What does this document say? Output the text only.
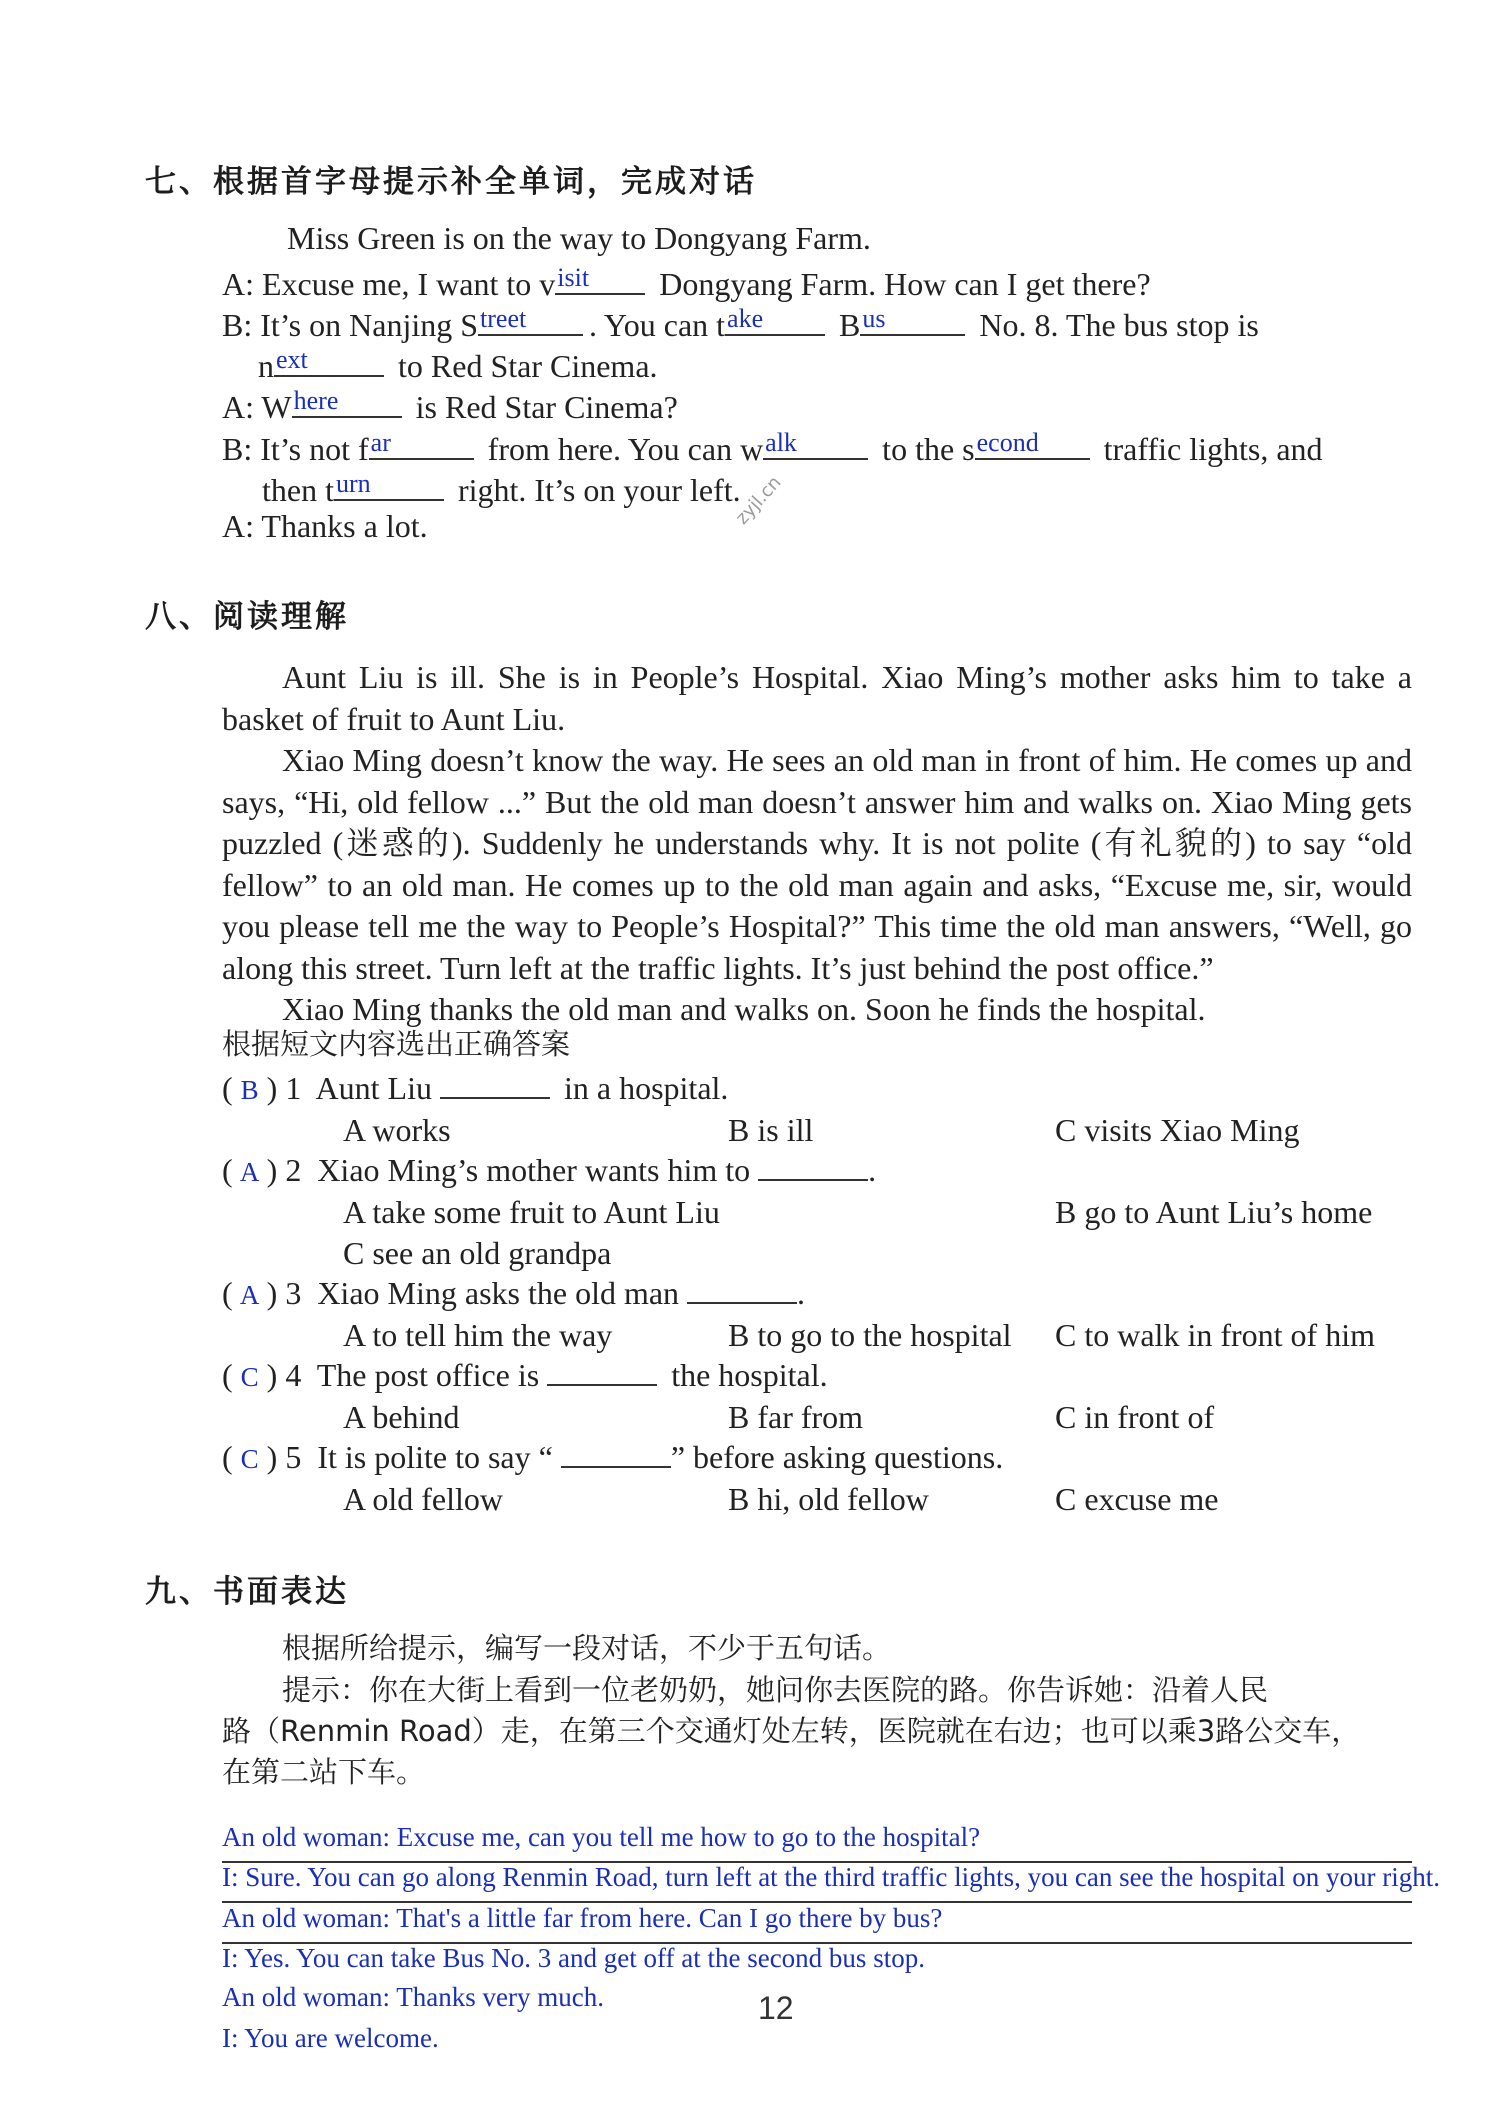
七、根据首字母提示补全单词，完成对话
Miss Green is on the way to Dongyang Farm.
A: Excuse me, I want to v isit Dongyang Farm. How can I get there?
B: It’s on Nanjing S treet . You can t ake B us	No. 8. The bus stop is
n ext	to Red Star Cinema.
A: W here is Red Star Cinema?
B: It’s not f ar	from here. You can w alk	to the s econd traffic lights, and
then t urn	right. It’s on your left.
A: Thanks a lot.	zyjl.cn
八、阅读理解
Aunt Liu is ill. She is in People’s Hospital. Xiao Ming’s mother asks him to take a basket of fruit to Aunt Liu.
Xiao Ming doesn’t know the way. He sees an old man in front of him. He comes up and says, “Hi, old fellow ...” But the old man doesn’t answer him and walks on. Xiao Ming gets puzzled (迷惑的). Suddenly he understands why. It is not polite (有礼貌的) to say “old fellow” to an old man. He comes up to the old man again and asks, “Excuse me, sir, would you please tell me the way to People’s Hospital?” This time the old man answers, “Well, go along this street. Turn left at the traffic lights. It’s just behind the post office.”
Xiao Ming thanks the old man and walks on. Soon he finds the hospital.
根据短文内容选出正确答案
( B ) 1 Aunt Liu	in a hospital.
A works	B is ill	C visits Xiao Ming
( A ) 2 Xiao Ming’s mother wants him to	.
A take some fruit to Aunt Liu	B go to Aunt Liu’s home
C see an old grandpa
( A ) 3 Xiao Ming asks the old man	.
A to tell him the way	B to go to the hospital C to walk in front of him
( C ) 4 The post office is	the hospital.
A behind	B far from	C in front of
( C ) 5 It is polite to say “	” before asking questions.
A old fellow	B hi, old fellow	C excuse me
九、书面表达
根据所给提示，编写一段对话，不少于五句话。
提示：你在大街上看到一位老奶奶，她问你去医院的路。你告诉她：沿着人民
路（Renmin Road）走，在第三个交通灯处左转，医院就在右边；也可以乘3路公交车，
在第二站下车。
An old woman: Excuse me, can you tell me how to go to the hospital?
I: Sure. You can go along Renmin Road, turn left at the third traffic lights, you can see the hospital on your right.
An old woman: That's a little far from here. Can I go there by bus?
I: Yes. You can take Bus No. 3 and get off at the second bus stop.
An old woman: Thanks very much.
I: You are welcome.
12
